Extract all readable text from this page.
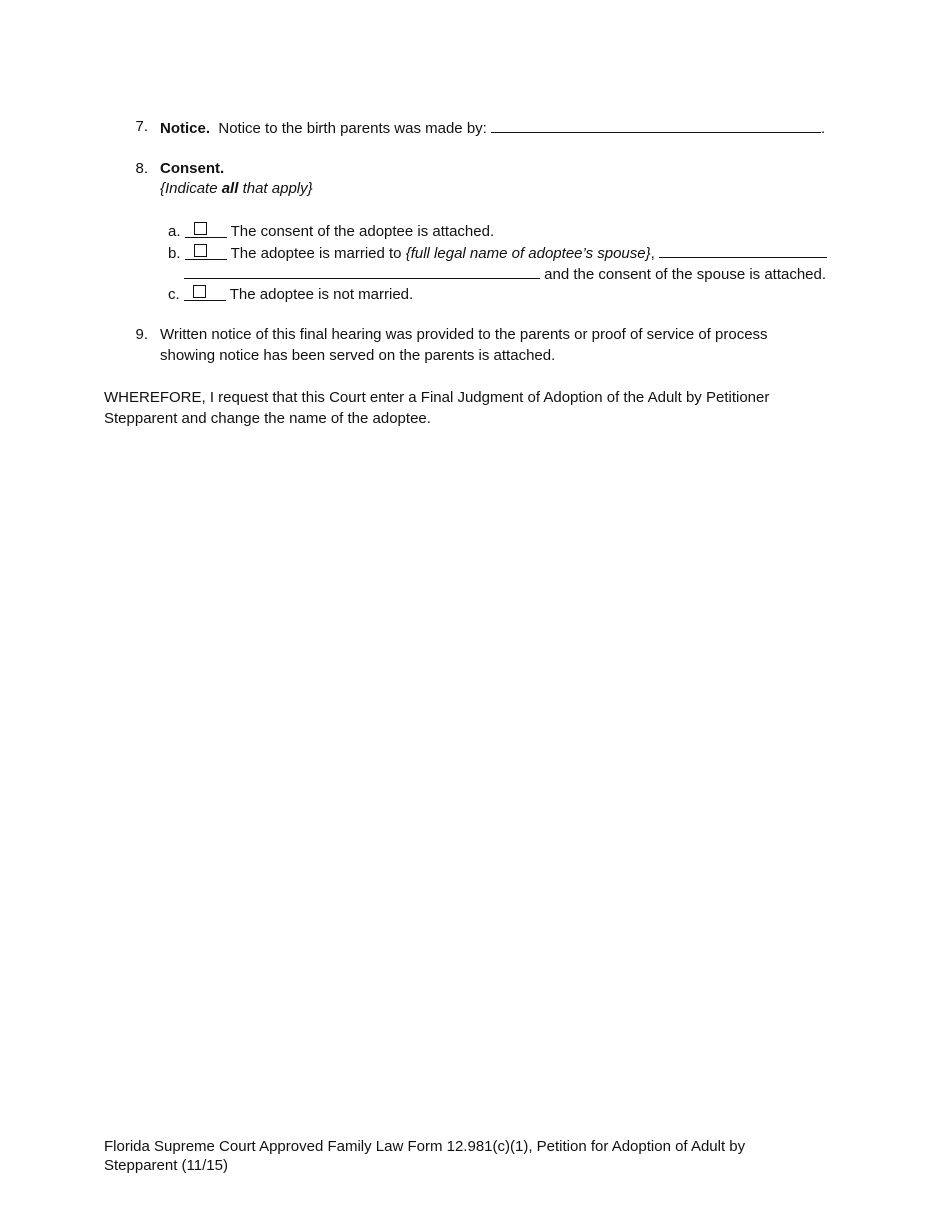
7. Notice. Notice to the birth parents was made by:	.
8. Consent.
{Indicate all that apply}
a.	The consent of the adoptee is attached.
b.	The adoptee is married to {full legal name of adoptee’s spouse},
and the consent of the spouse is attached.
c.	The adoptee is not married.
9. Written notice of this final hearing was provided to the parents or proof of service of process
showing notice has been served on the parents is attached.
WHEREFORE, I request that this Court enter a Final Judgment of Adoption of the Adult by Petitioner
Stepparent and change the name of the adoptee.
Florida Supreme Court Approved Family Law Form 12.981(c)(1), Petition for Adoption of Adult by
Stepparent (11/15)
